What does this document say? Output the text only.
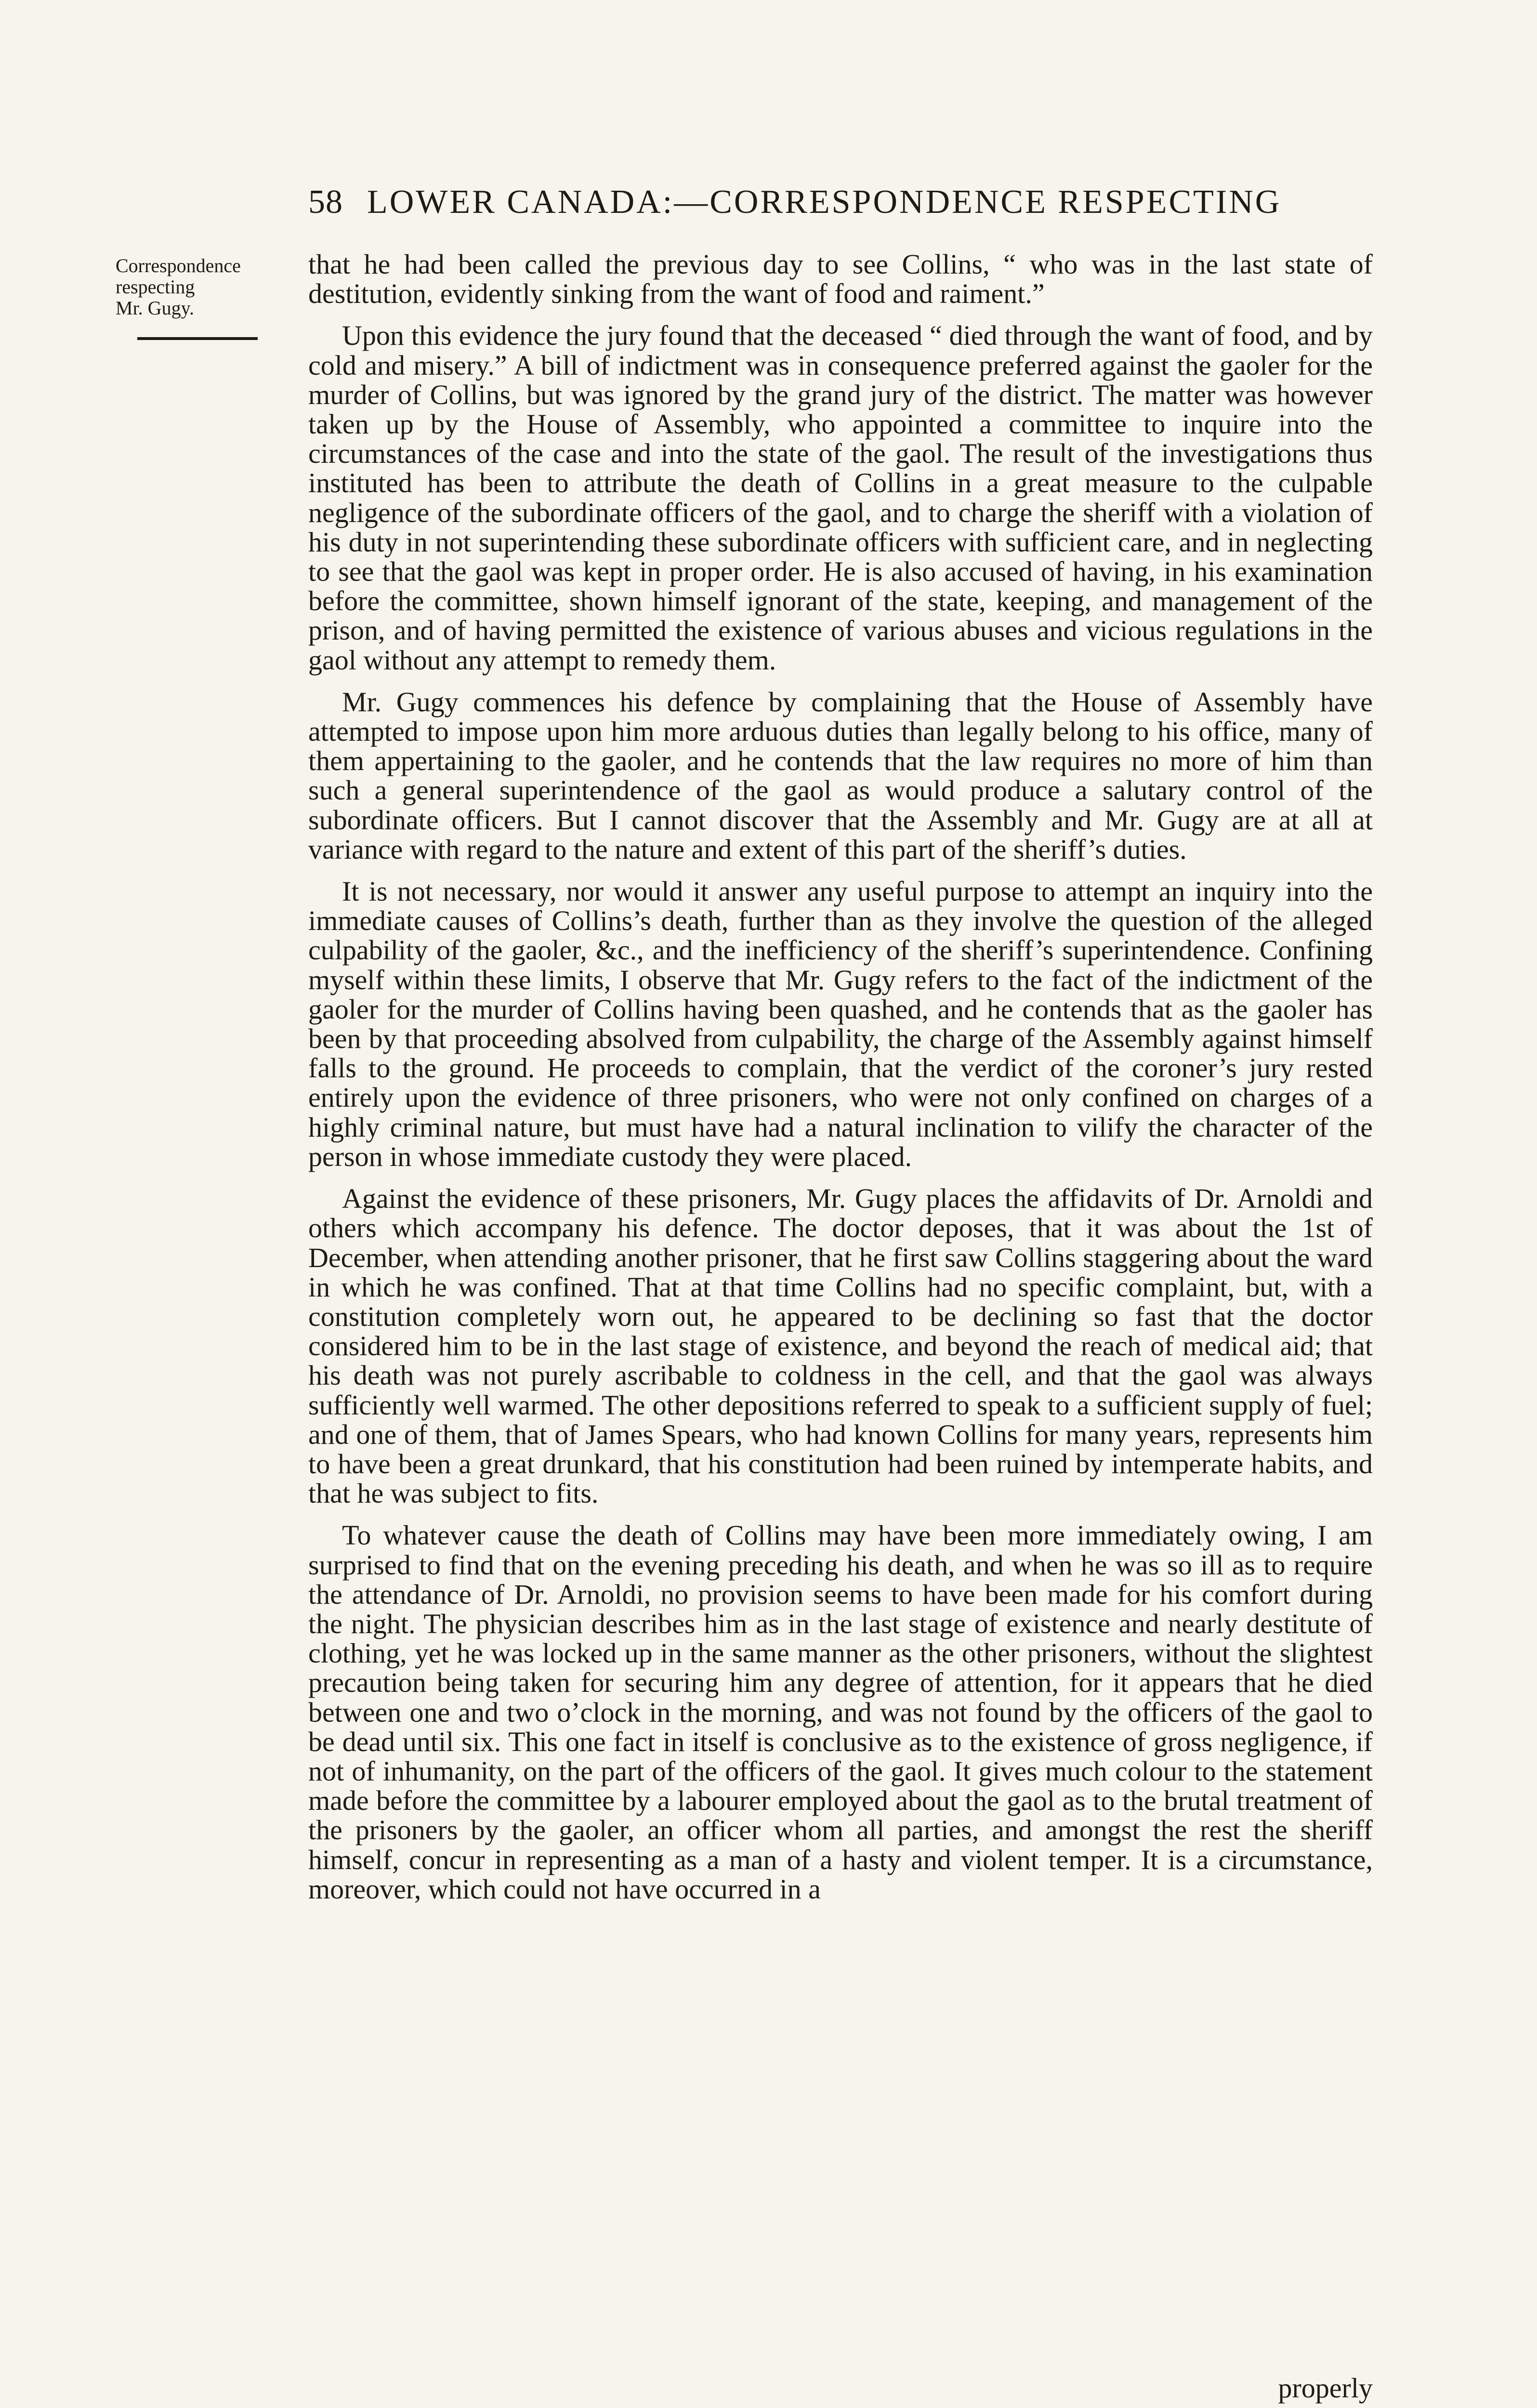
58 LOWER CANADA:—CORRESPONDENCE RESPECTING
Correspondence
respecting
Mr. Gugy.

that he had been called the previous day to see Collins, “ who was in the last state of destitution, evidently sinking from the want of food and raiment.”

Upon this evidence the jury found that the deceased “ died through the want of food, and by cold and misery.” A bill of indictment was in consequence preferred against the gaoler for the murder of Collins, but was ignored by the grand jury of the district. The matter was however taken up by the House of Assembly, who appointed a committee to inquire into the circumstances of the case and into the state of the gaol. The result of the investigations thus instituted has been to attribute the death of Collins in a great measure to the culpable negligence of the subordinate officers of the gaol, and to charge the sheriff with a violation of his duty in not superintending these subordinate officers with sufficient care, and in neglecting to see that the gaol was kept in proper order. He is also accused of having, in his examination before the committee, shown himself ignorant of the state, keeping, and management of the prison, and of having permitted the existence of various abuses and vicious regulations in the gaol without any attempt to remedy them.

Mr. Gugy commences his defence by complaining that the House of Assembly have attempted to impose upon him more arduous duties than legally belong to his office, many of them appertaining to the gaoler, and he contends that the law requires no more of him than such a general superintendence of the gaol as would produce a salutary control of the subordinate officers. But I cannot discover that the Assembly and Mr. Gugy are at all at variance with regard to the nature and extent of this part of the sheriff’s duties.

It is not necessary, nor would it answer any useful purpose to attempt an inquiry into the immediate causes of Collins’s death, further than as they involve the question of the alleged culpability of the gaoler, &c., and the inefficiency of the sheriff’s superintendence. Confining myself within these limits, I observe that Mr. Gugy refers to the fact of the indictment of the gaoler for the murder of Collins having been quashed, and he contends that as the gaoler has been by that proceeding absolved from culpability, the charge of the Assembly against himself falls to the ground. He proceeds to complain, that the verdict of the coroner’s jury rested entirely upon the evidence of three prisoners, who were not only confined on charges of a highly criminal nature, but must have had a natural inclination to vilify the character of the person in whose immediate custody they were placed.

Against the evidence of these prisoners, Mr. Gugy places the affidavits of Dr. Arnoldi and others which accompany his defence. The doctor deposes, that it was about the 1st of December, when attending another prisoner, that he first saw Collins staggering about the ward in which he was confined. That at that time Collins had no specific complaint, but, with a constitution completely worn out, he appeared to be declining so fast that the doctor considered him to be in the last stage of existence, and beyond the reach of medical aid; that his death was not purely ascribable to coldness in the cell, and that the gaol was always sufficiently well warmed. The other depositions referred to speak to a sufficient supply of fuel; and one of them, that of James Spears, who had known Collins for many years, represents him to have been a great drunkard, that his constitution had been ruined by intemperate habits, and that he was subject to fits.

To whatever cause the death of Collins may have been more immediately owing, I am surprised to find that on the evening preceding his death, and when he was so ill as to require the attendance of Dr. Arnoldi, no provision seems to have been made for his comfort during the night. The physician describes him as in the last stage of existence and nearly destitute of clothing, yet he was locked up in the same manner as the other prisoners, without the slightest precaution being taken for securing him any degree of attention, for it appears that he died between one and two o’clock in the morning, and was not found by the officers of the gaol to be dead until six. This one fact in itself is conclusive as to the existence of gross negligence, if not of inhumanity, on the part of the officers of the gaol. It gives much colour to the statement made before the committee by a labourer employed about the gaol as to the brutal treatment of the prisoners by the gaoler, an officer whom all parties, and amongst the rest the sheriff himself, concur in representing as a man of a hasty and violent temper. It is a circumstance, moreover, which could not have occurred in a

properly
